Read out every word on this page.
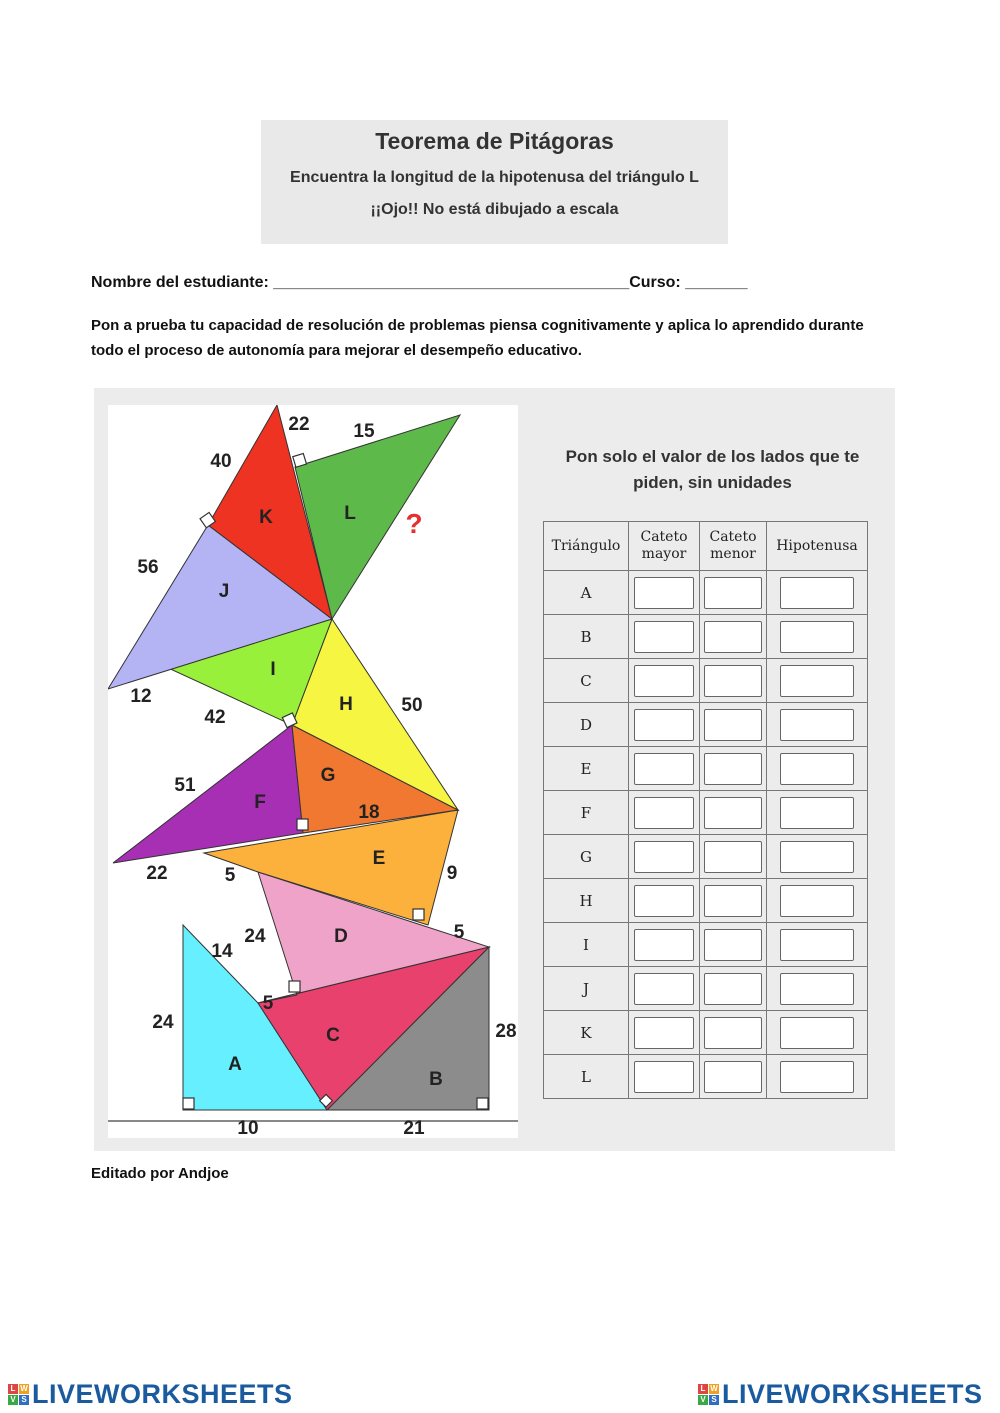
Teorema de Pitágoras
Encuentra la longitud de la hipotenusa del triángulo L
¡¡Ojo!! No está dibujado a escala
Nombre del estudiante: ________________________________________Curso: _______
Pon a prueba tu capacidad de resolución de problemas piensa cognitivamente y aplica lo aprendido durante todo el proceso de autonomía para mejorar el desempeño educativo.
A
B
C
D
E
F
G
H
I
J
K	L ?
22 15
40
56
12
42
50
51
18
22	5	9
24	5
14
24
5
28
10	21
Pon solo el valor de los lados que te piden, sin unidades
Triángulo	Cateto mayor	Cateto menor	Hipotenusa
A	

B	

C	

D	

E	

F	

G	

H	

I	

J	

K	

L	

Editado por Andjoe
L W
V S LIVEWORKSHEETS	L W
V S LIVEWORKSHEETS
